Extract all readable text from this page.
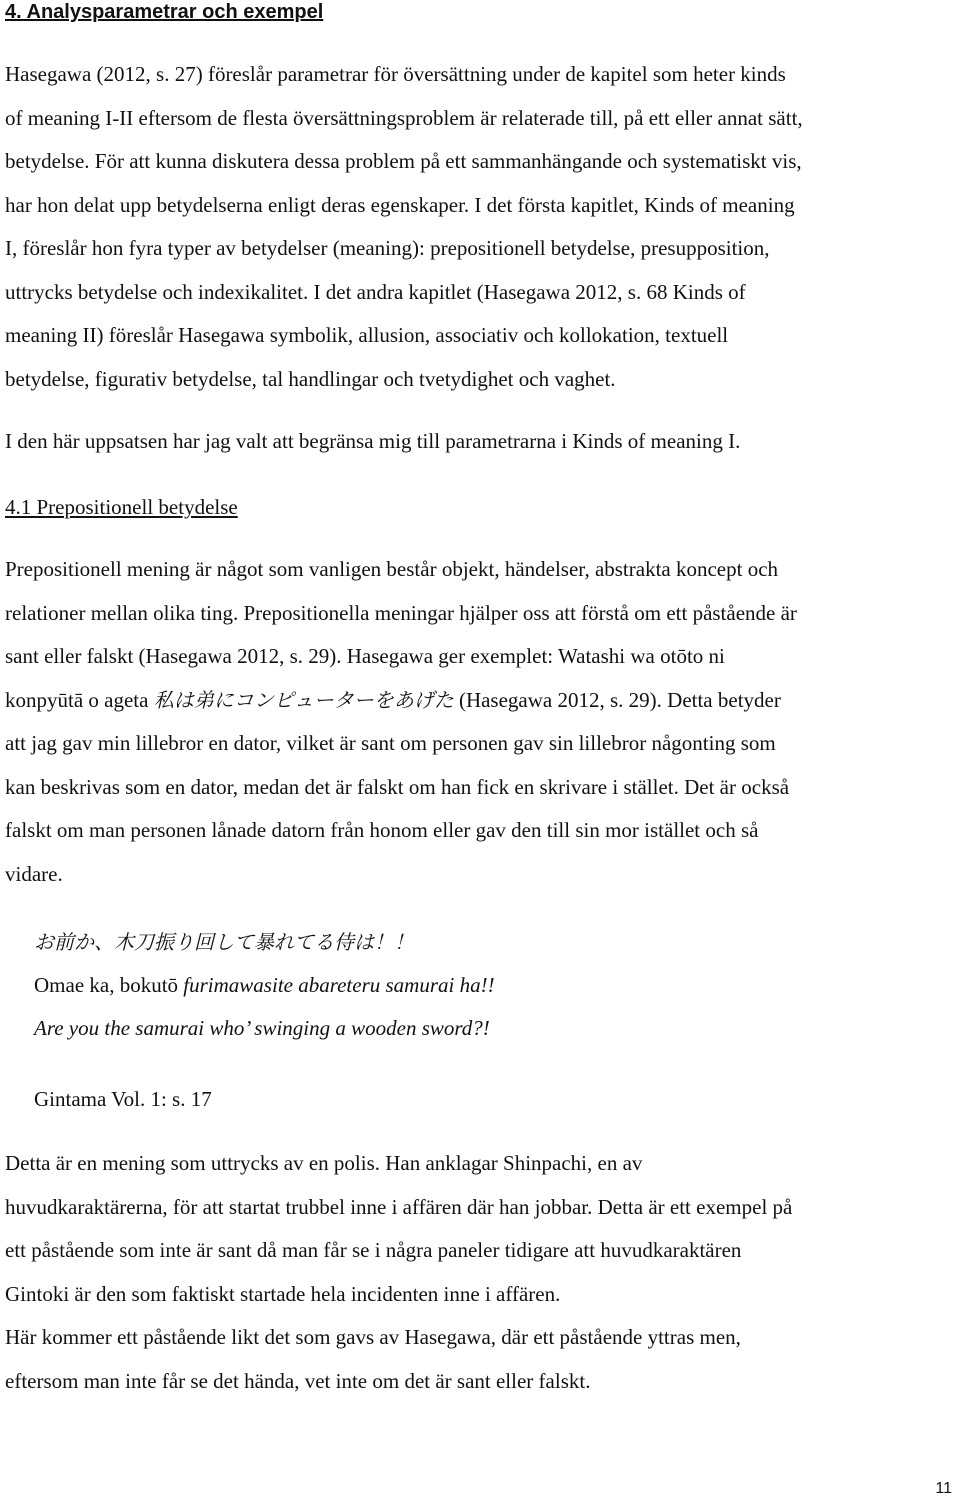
4. Analysparametrar och exempel

Hasegawa (2012, s. 27) föreslår parametrar för översättning under de kapitel som heter kinds
of meaning I-II eftersom de flesta översättningsproblem är relaterade till, på ett eller annat sätt,
betydelse. För att kunna diskutera dessa problem på ett sammanhängande och systematiskt vis,
har hon delat upp betydelserna enligt deras egenskaper. I det första kapitlet, Kinds of meaning
I, föreslår hon fyra typer av betydelser (meaning): prepositionell betydelse, presupposition,
uttrycks betydelse och indexikalitet. I det andra kapitlet (Hasegawa 2012, s. 68 Kinds of
meaning II) föreslår Hasegawa symbolik, allusion, associativ och kollokation, textuell
betydelse, figurativ betydelse, tal handlingar och tvetydighet och vaghet.

I den här uppsatsen har jag valt att begränsa mig till parametrarna i Kinds of meaning I.

4.1 Prepositionell betydelse

Prepositionell mening är något som vanligen består objekt, händelser, abstrakta koncept och
relationer mellan olika ting. Prepositionella meningar hjälper oss att förstå om ett påstående är
sant eller falskt (Hasegawa 2012, s. 29). Hasegawa ger exemplet: Watashi wa otōto ni
konpyūtā o ageta 私は弟にコンピューターをあげた (Hasegawa 2012, s. 29). Detta betyder
att jag gav min lillebror en dator, vilket är sant om personen gav sin lillebror någonting som
kan beskrivas som en dator, medan det är falskt om han fick en skrivare i stället. Det är också
falskt om man personen lånade datorn från honom eller gav den till sin mor istället och så
vidare.

お前か、木刀振り回して暴れてる侍は！！
Omae ka, bokutō furimawasite abareteru samurai ha!!
Are you the samurai who’ swinging a wooden sword?!
Gintama Vol. 1: s. 17

Detta är en mening som uttrycks av en polis. Han anklagar Shinpachi, en av
huvudkaraktärerna, för att startat trubbel inne i affären där han jobbar. Detta är ett exempel på
ett påstående som inte är sant då man får se i några paneler tidigare att huvudkaraktären
Gintoki är den som faktiskt startade hela incidenten inne i affären.
Här kommer ett påstående likt det som gavs av Hasegawa, där ett påstående yttras men,
eftersom man inte får se det hända, vet inte om det är sant eller falskt.

11
